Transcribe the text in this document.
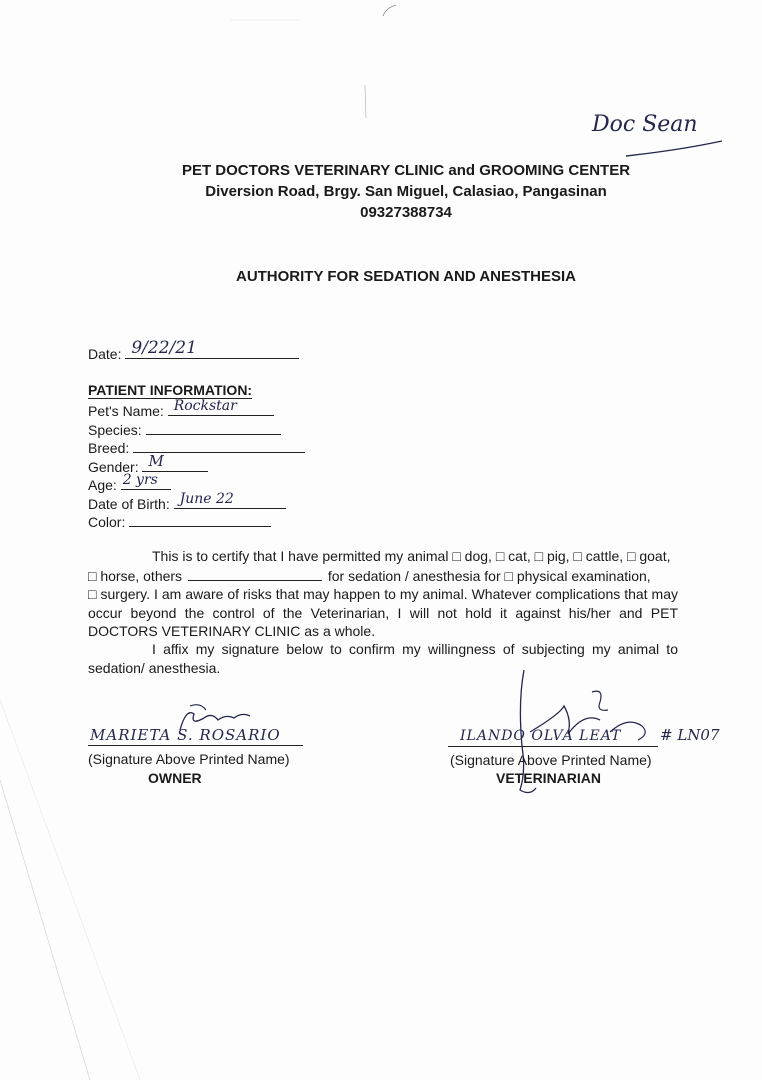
Doc Sean
PET DOCTORS VETERINARY CLINIC and GROOMING CENTER
Diversion Road, Brgy. San Miguel, Calasiao, Pangasinan
09327388734
AUTHORITY FOR SEDATION AND ANESTHESIA
Date: 9/22/21
PATIENT INFORMATION:
Pet's Name: Rockstar
Species:
Breed:
Gender: M
Age: 2 yrs
Date of Birth: June 22
Color:
This is to certify that I have permitted my animal □ dog, □ cat, □ pig, □ cattle, □ goat,
□ horse, others	for sedation / anesthesia for □ physical examination,
□ surgery. I am aware of risks that may happen to my animal. Whatever complications that may occur beyond the control of the Veterinarian, I will not hold it against his/her and PET DOCTORS VETERINARY CLINIC as a whole.
I affix my signature below to confirm my willingness of subjecting my animal to sedation/ anesthesia.
MARIETA S. ROSARIO
(Signature Above Printed Name)
OWNER
ILANDO OLVA LEAT	# LN07
(Signature Above Printed Name)
VETERINARIAN
